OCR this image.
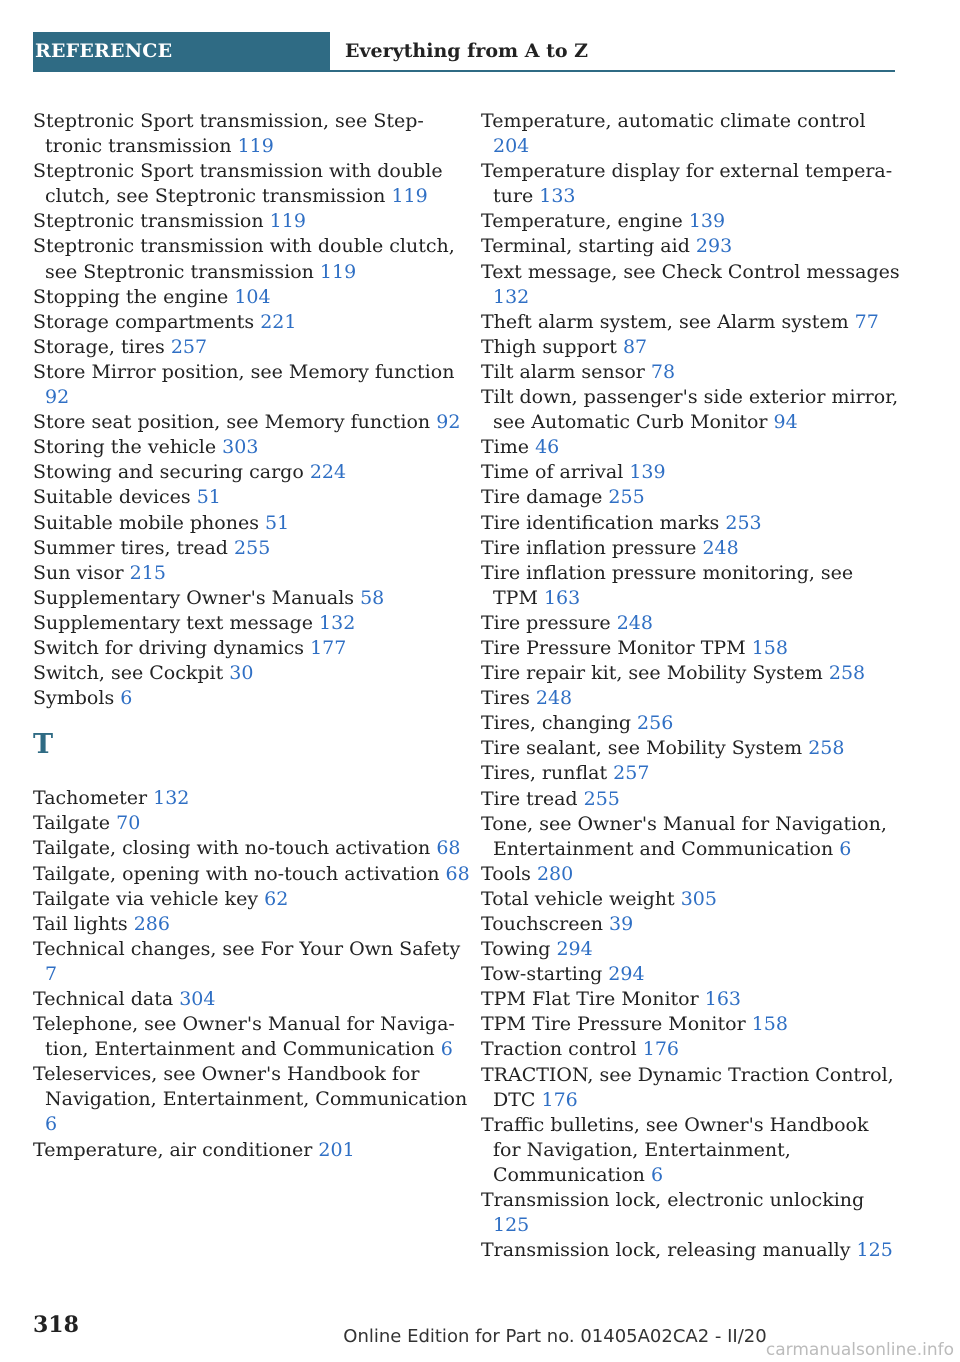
REFERENCE	Everything from A to Z
Steptronic Sport transmission, see Steptronic transmission 119
Steptronic Sport transmission with double clutch, see Steptronic transmission 119
Steptronic transmission 119
Steptronic transmission with double clutch, see Steptronic transmission 119
Stopping the engine 104
Storage compartments 221
Storage, tires 257
Store Mirror position, see Memory function 92
Store seat position, see Memory function 92
Storing the vehicle 303
Stowing and securing cargo 224
Suitable devices 51
Suitable mobile phones 51
Summer tires, tread 255
Sun visor 215
Supplementary Owner's Manuals 58
Supplementary text message 132
Switch for driving dynamics 177
Switch, see Cockpit 30
Symbols 6
T
Tachometer 132
Tailgate 70
Tailgate, closing with no-touch activation 68
Tailgate, opening with no-touch activation 68
Tailgate via vehicle key 62
Tail lights 286
Technical changes, see For Your Own Safety 7
Technical data 304
Telephone, see Owner's Manual for Navigation, Entertainment and Communication 6
Teleservices, see Owner's Handbook for Navigation, Entertainment, Communication 6
Temperature, air conditioner 201
Temperature, automatic climate control 204
Temperature display for external temperature 133
Temperature, engine 139
Terminal, starting aid 293
Text message, see Check Control messages 132
Theft alarm system, see Alarm system 77
Thigh support 87
Tilt alarm sensor 78
Tilt down, passenger's side exterior mirror, see Automatic Curb Monitor 94
Time 46
Time of arrival 139
Tire damage 255
Tire identification marks 253
Tire inflation pressure 248
Tire inflation pressure monitoring, see TPM 163
Tire pressure 248
Tire Pressure Monitor TPM 158
Tire repair kit, see Mobility System 258
Tires 248
Tires, changing 256
Tire sealant, see Mobility System 258
Tires, runflat 257
Tire tread 255
Tone, see Owner's Manual for Navigation, Entertainment and Communication 6
Tools 280
Total vehicle weight 305
Touchscreen 39
Towing 294
Tow-starting 294
TPM Flat Tire Monitor 163
TPM Tire Pressure Monitor 158
Traction control 176
TRACTION, see Dynamic Traction Control, DTC 176
Traffic bulletins, see Owner's Handbook for Navigation, Entertainment, Communication 6
Transmission lock, electronic unlocking 125
Transmission lock, releasing manually 125
318	Online Edition for Part no. 01405A02CA2 - II/20
carmanualsonline.info
